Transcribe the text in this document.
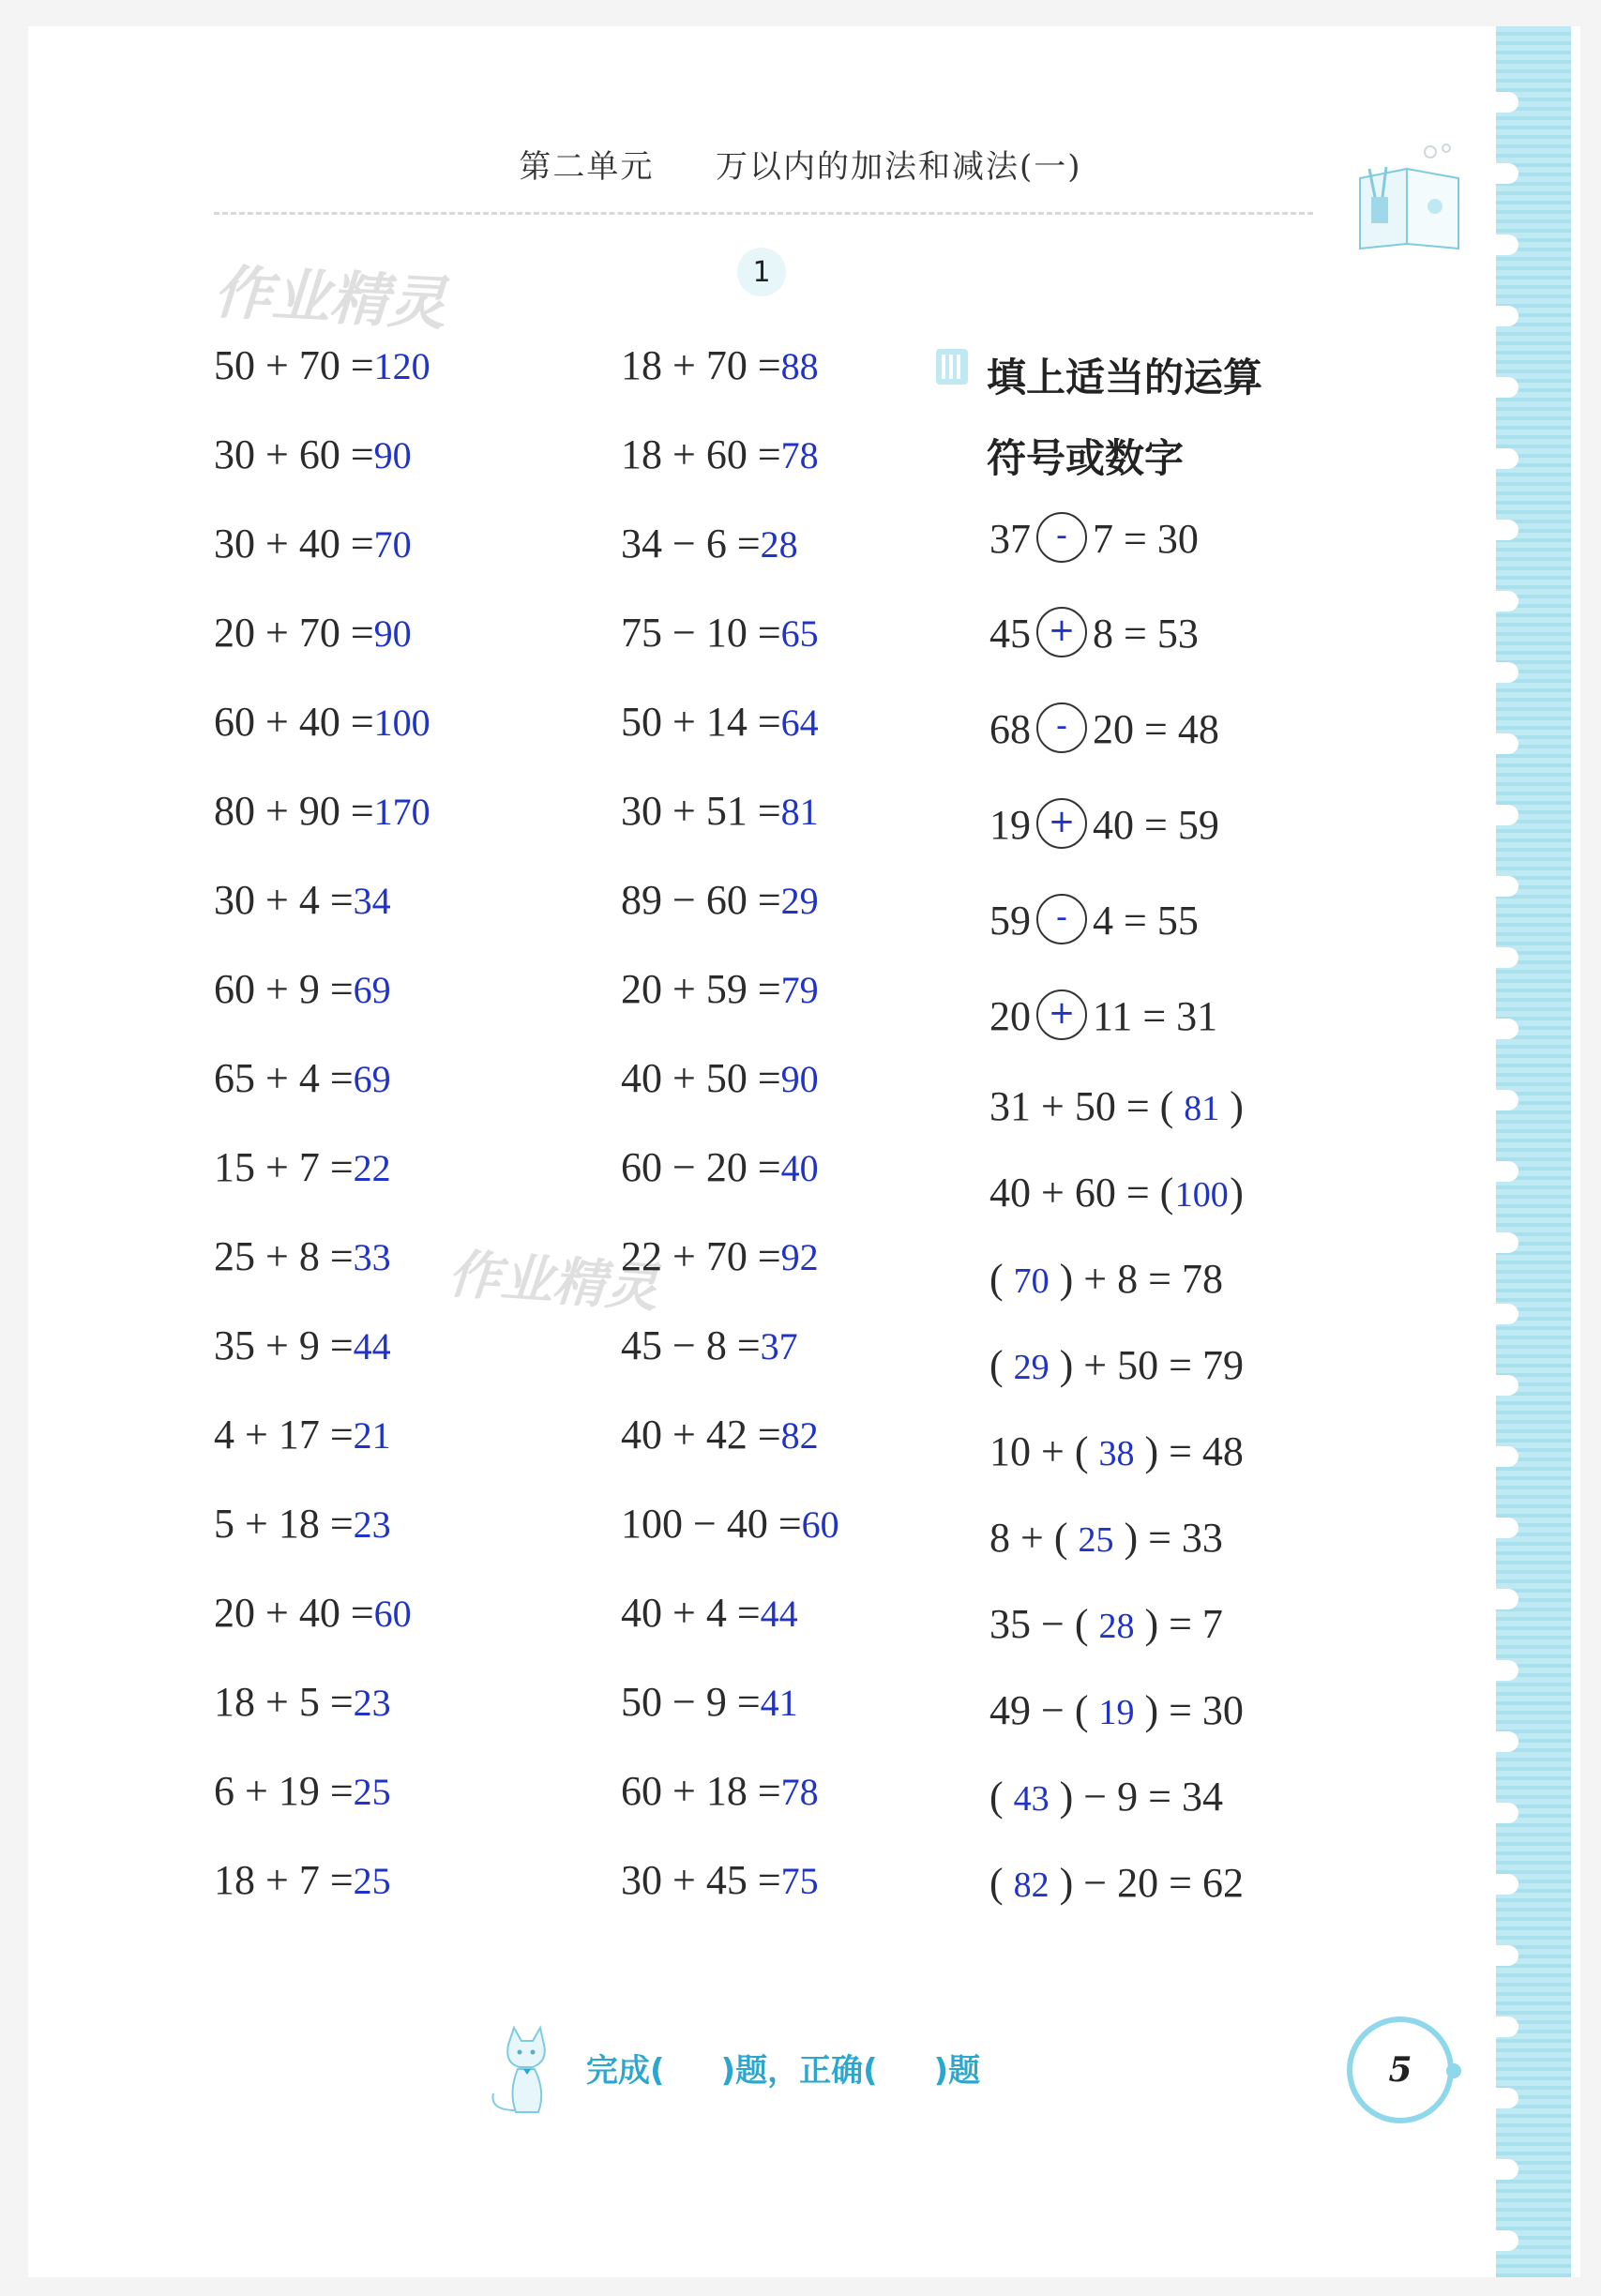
第二单元 万以内的加法和减法(一)
作业精灵
作业精灵
1
50 + 70 =120
30 + 60 =90
30 + 40 =70
20 + 70 =90
60 + 40 =100
80 + 90 =170
30 + 4 =34
60 + 9 =69
65 + 4 =69
15 + 7 =22
25 + 8 =33
35 + 9 =44
4 + 17 =21
5 + 18 =23
20 + 40 =60
18 + 5 =23
6 + 19 =25
18 + 7 =25
18 + 70 =88
18 + 60 =78
34 − 6 =28
75 − 10 =65
50 + 14 =64
30 + 51 =81
89 − 60 =29
20 + 59 =79
40 + 50 =90
60 − 20 =40
22 + 70 =92
45 − 8 =37
40 + 42 =82
100 − 40 =60
40 + 4 =44
50 − 9 =41
60 + 18 =78
30 + 45 =75
填上适当的运算
符号或数字
37 - 7 = 30
45 + 8 = 53
68 - 20 = 48
19 + 40 = 59
59 - 4 = 55
20 + 11 = 31
31 + 50 = ( 81 )
40 + 60 = (100)
( 70 ) + 8 = 78
( 29 ) + 50 = 79
10 + ( 38 ) = 48
8 + ( 25 ) = 33
35 − ( 28 ) = 7
49 − ( 19 ) = 30
( 43 ) − 9 = 34
( 82 ) − 20 = 62
完成( )题，正确( )题	5
